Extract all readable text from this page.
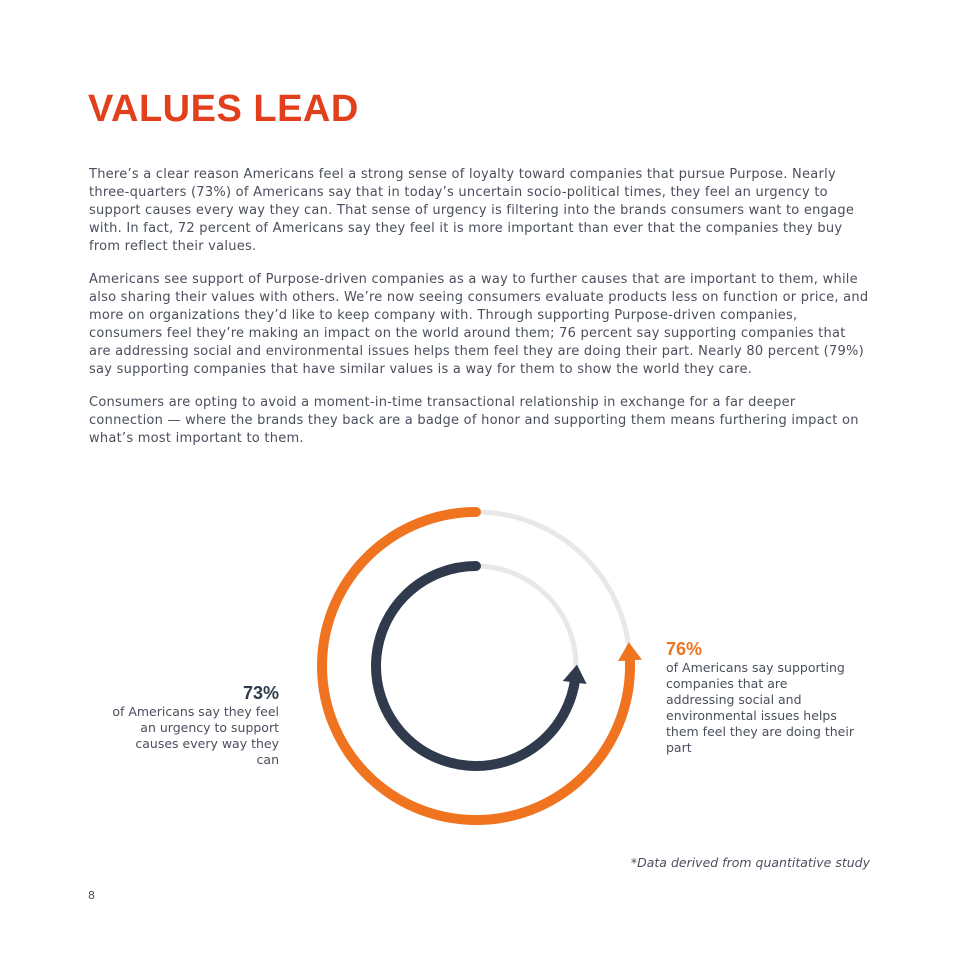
VALUES LEAD

There’s a clear reason Americans feel a strong sense of loyalty toward companies that pursue Purpose. Nearly three-quarters (73%) of Americans say that in today’s uncertain socio-political times, they feel an urgency to support causes every way they can. That sense of urgency is filtering into the brands consumers want to engage with. In fact, 72 percent of Americans say they feel it is more important than ever that the companies they buy from reflect their values.

Americans see support of Purpose-driven companies as a way to further causes that are important to them, while also sharing their values with others. We’re now seeing consumers evaluate products less on function or price, and more on organizations they’d like to keep company with. Through supporting Purpose-driven companies, consumers feel they’re making an impact on the world around them; 76 percent say supporting companies that are addressing social and environmental issues helps them feel they are doing their part. Nearly 80 percent (79%) say supporting companies that have similar values is a way for them to show the world they care.

Consumers are opting to avoid a moment-in-time transactional relationship in exchange for a far deeper connection — where the brands they back are a badge of honor and supporting them means furthering impact on what’s most important to them.

73%
of Americans say they feel an urgency to support causes every way they can
76%
of Americans say supporting companies that are addressing social and environmental issues helps them feel they are doing their part
*Data derived from quantitative study
8
